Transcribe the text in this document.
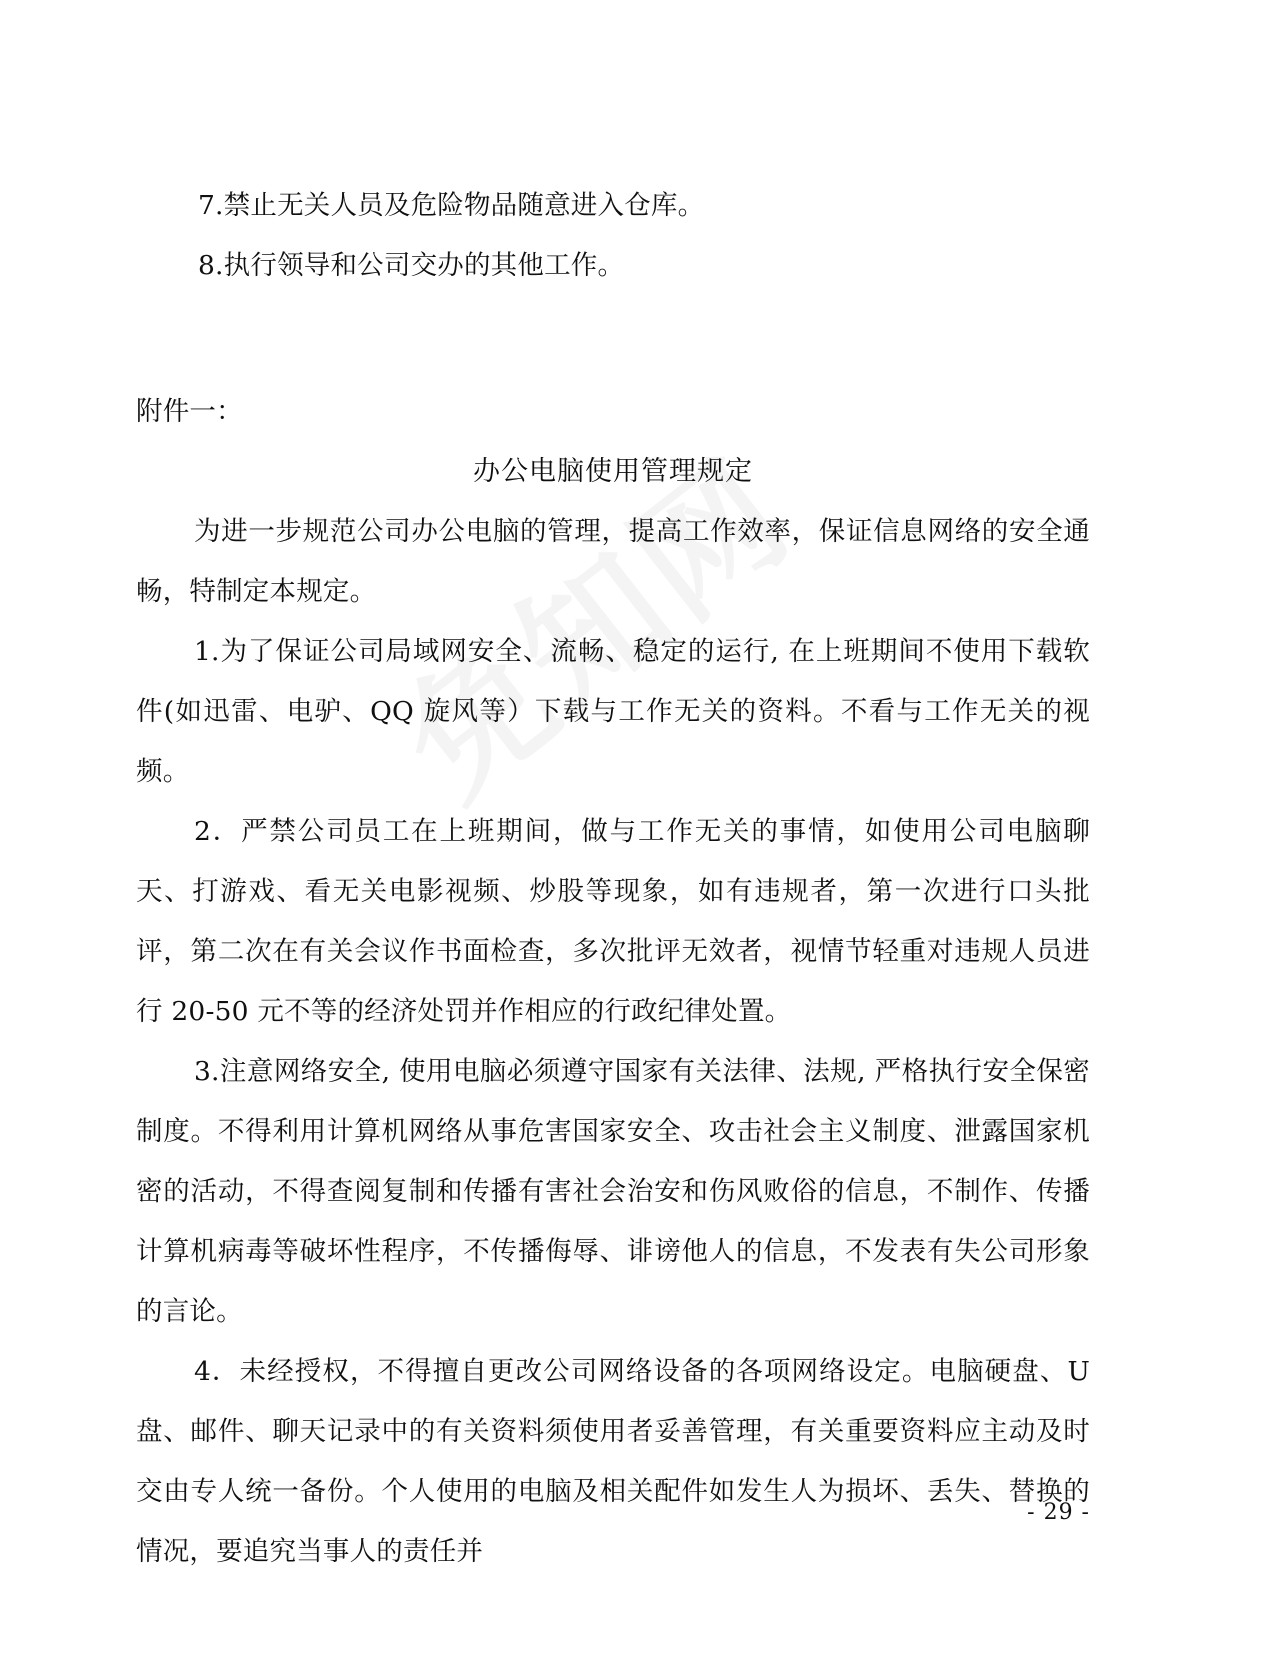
7.禁止无关人员及危险物品随意进入仓库。

8.执行领导和公司交办的其他工作。

附件一：

办公电脑使用管理规定

为进一步规范公司办公电脑的管理，提高工作效率，保证信息网络的安全通畅，特制定本规定。

1.为了保证公司局域网安全、流畅、稳定的运行, 在上班期间不使用下载软件(如迅雷、电驴、QQ 旋风等）下载与工作无关的资料。不看与工作无关的视频。

2．严禁公司员工在上班期间，做与工作无关的事情，如使用公司电脑聊天、打游戏、看无关电影视频、炒股等现象，如有违规者，第一次进行口头批评，第二次在有关会议作书面检查，多次批评无效者，视情节轻重对违规人员进行 20-50 元不等的经济处罚并作相应的行政纪律处置。

3.注意网络安全, 使用电脑必须遵守国家有关法律、法规, 严格执行安全保密制度。不得利用计算机网络从事危害国家安全、攻击社会主义制度、泄露国家机密的活动，不得查阅复制和传播有害社会治安和伤风败俗的信息，不制作、传播计算机病毒等破坏性程序，不传播侮辱、诽谤他人的信息，不发表有失公司形象的言论。

4．未经授权，不得擅自更改公司网络设备的各项网络设定。电脑硬盘、U 盘、邮件、聊天记录中的有关资料须使用者妥善管理，有关重要资料应主动及时交由专人统一备份。个人使用的电脑及相关配件如发生人为损坏、丢失、替换的情况，要追究当事人的责任并

- 29 -
